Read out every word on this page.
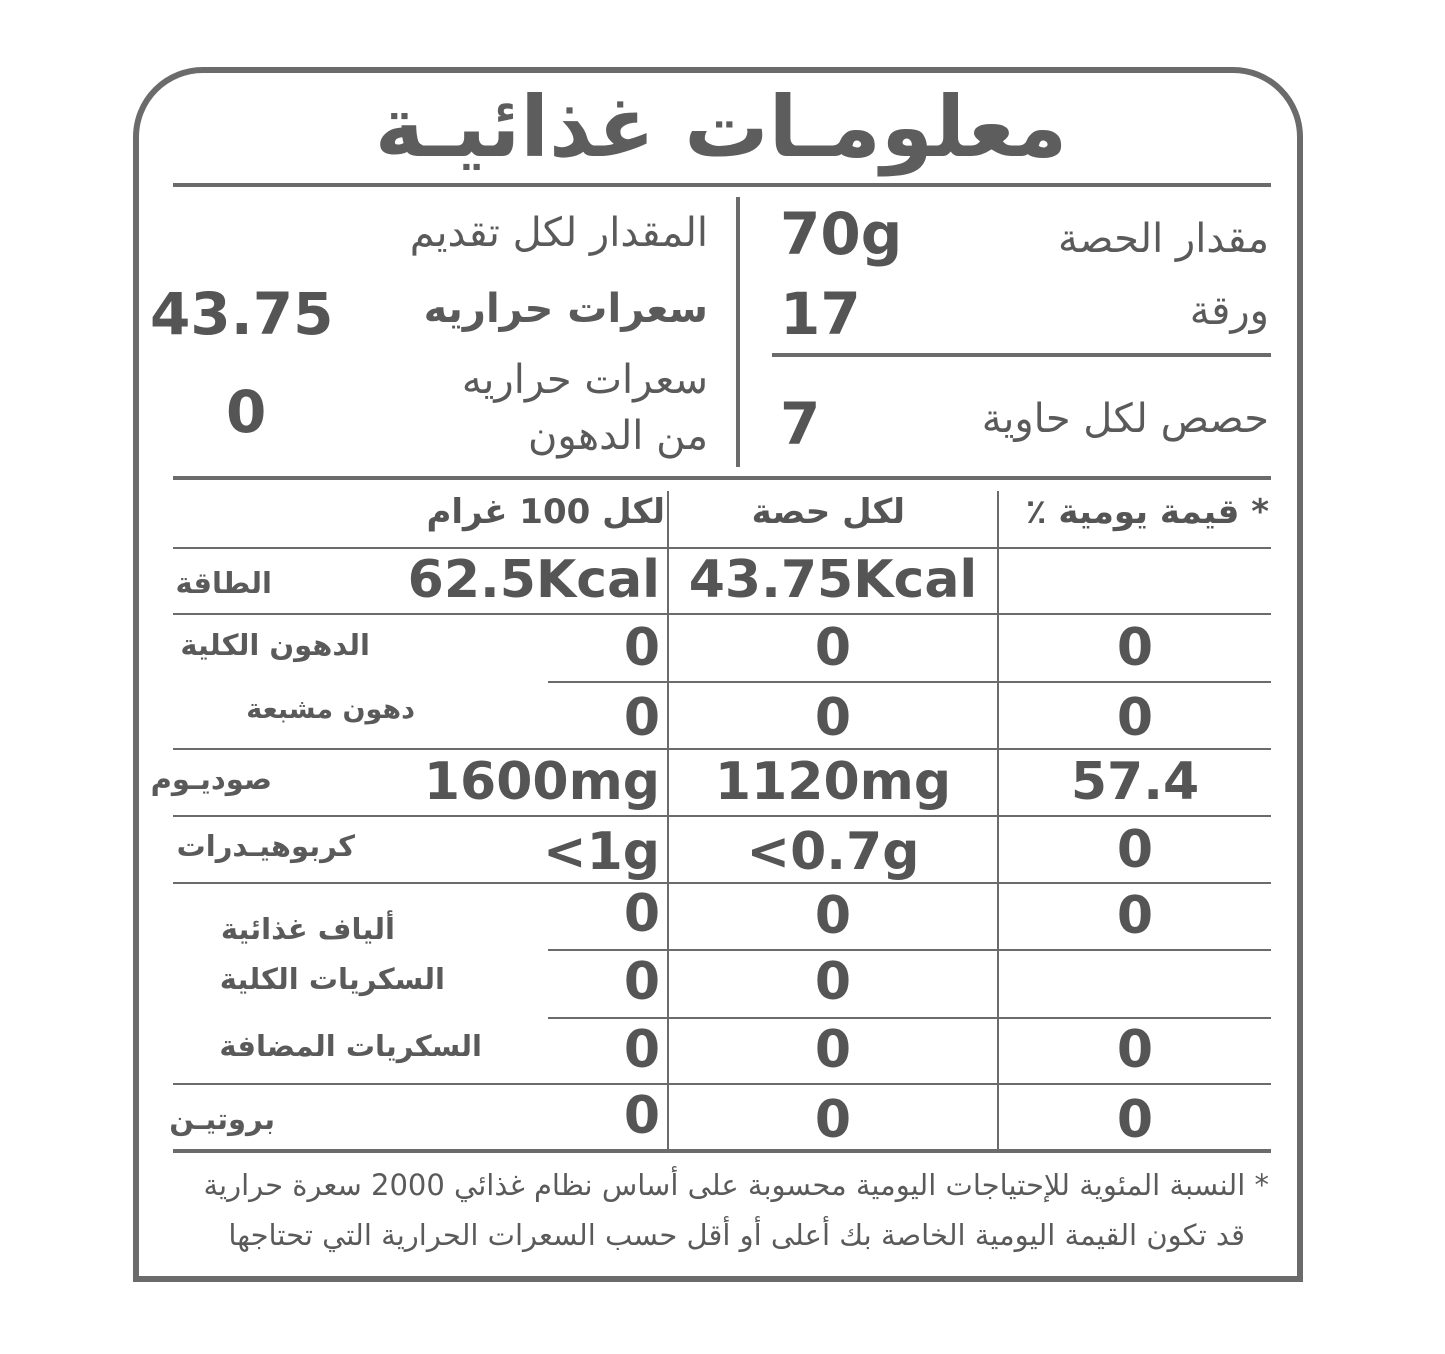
معلومـات غذائيـة
مقدار الحصة
70g
ورقة
17
حصص لكل حاوية
7
المقدار لكل تقديم
سعرات حراريه
43.75
سعرات حراريه
من الدهون
0
* قيمة يومية ٪
لكل حصة
لكل 100 غرام
الطاقة
الدهون الكلية
دهون مشبعة
صوديـوم
كربوهيـدرات
ألياف غذائية
السكريات الكلية
السكريات المضافة
بروتيـن
62.5Kcal
0
0
1600mg
<1g
0
0
0
0
43.75Kcal
0
0
1120mg
<0.7g
0
0
0
0
0
0
57.4
0
0
0
0
* النسبة المئوية للإحتياجات اليومية محسوبة على أساس نظام غذائي 2000 سعرة حرارية
قد تكون القيمة اليومية الخاصة بك أعلى أو أقل حسب السعرات الحرارية التي تحتاجها
